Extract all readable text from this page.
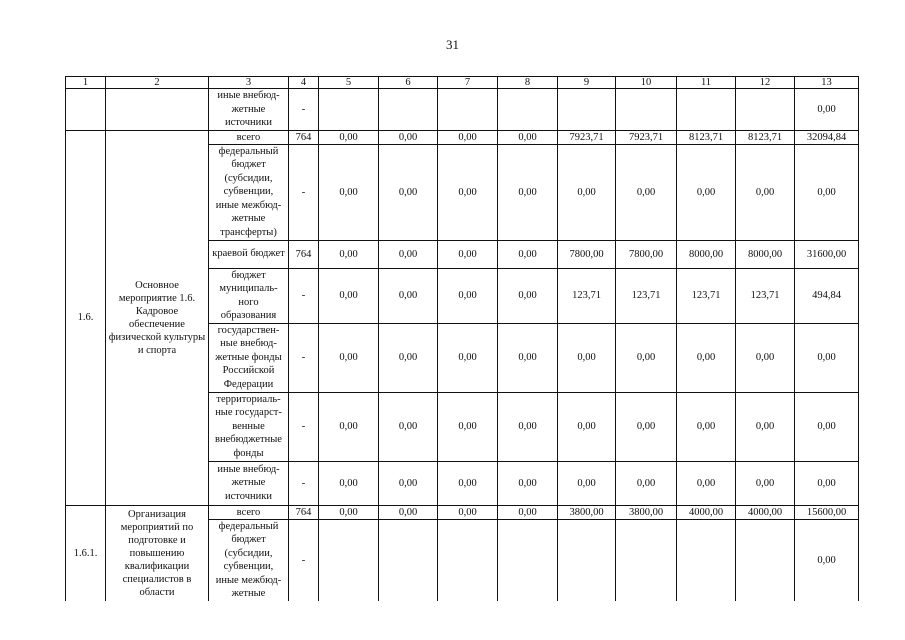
31
1	2	3	4	5	6	7	8	9	10	11	12	13
		иные внебюд-жетные источники	-									0,00
1.6.	Основное мероприятие 1.6. Кадровое обеспечение физической культуры и спорта	всего	764	0,00	0,00	0,00	0,00	7923,71	7923,71	8123,71	8123,71	32094,84
		федеральный бюджет (субсидии, субвенции, иные межбюд-жетные трансферты)	-	0,00	0,00	0,00	0,00	0,00	0,00	0,00	0,00	0,00
		краевой бюджет	764	0,00	0,00	0,00	0,00	7800,00	7800,00	8000,00	8000,00	31600,00
		бюджет муниципаль-ного образования	-	0,00	0,00	0,00	0,00	123,71	123,71	123,71	123,71	494,84
		государствен-ные внебюд-жетные фонды Российской Федерации	-	0,00	0,00	0,00	0,00	0,00	0,00	0,00	0,00	0,00
		территориаль-ные государст-венные внебюджетные фонды	-	0,00	0,00	0,00	0,00	0,00	0,00	0,00	0,00	0,00
		иные внебюд-жетные источники	-	0,00	0,00	0,00	0,00	0,00	0,00	0,00	0,00	0,00
1.6.1.	Организация мероприятий по подготовке и повышению квалификации специалистов в области	всего	764	0,00	0,00	0,00	0,00	3800,00	3800,00	4000,00	4000,00	15600,00
		федеральный бюджет (субсидии, субвенции, иные межбюд-жетные	-									0,00
